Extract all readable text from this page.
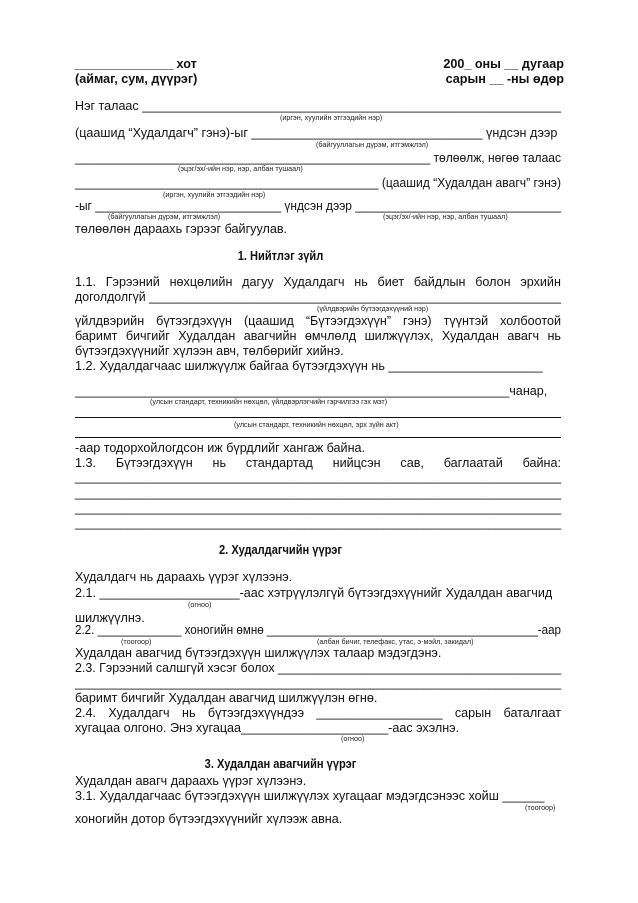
______________ хот
(аймаг, сум, дүүрэг)
200_ оны __ дугаар
сарын __ -ны өдөр
Нэг талаас ____________________________________________________________
(иргэн, хуулийн этгээдийн нэр)
(цаашид “Худалдагч” гэнэ)-ыг _________________________________ үндсэн дээр
(байгууллагын дүрэм, итгэмжлэл)
_____________________________________________________ төлөөлж, нөгөө талаас
(эцэг/эх/-ийн нэр, нэр, албан тушаал)
_____________________________________________ (цаашид “Худалдан авагч” гэнэ)
(иргэн, хуулийн этгээдийн нэр)
-ыг ____________________________ үндсэн дээр _______________________________
(байгууллагын дүрэм, итгэмжлэл)	(эцэг/эх/-ийн нэр, нэр, албан тушаал)
төлөөлөн дараахь гэрээг байгуулав.
1. Нийтлэг зүйл
1.1. Гэрээний нөхцөлийн дагуу Худалдагч нь биет байдлын болон эрхийн
доголдолгүй ____________________________________________________________
(үйлдвэрийн бүтээгдэхүүний нэр)
үйлдвэрийн бүтээгдэхүүн (цаашид “Бүтээгдэхүүн” гэнэ) түүнтэй холбоотой
баримт бичгийг Худалдан авагчийн өмчлөлд шилжүүлэх, Худалдан авагч нь
бүтээгдэхүүнийг хүлээн авч, төлбөрийг хийнэ.
1.2. Худалдагчаас шилжүүлж байгаа бүтээгдэхүүн нь ______________________
______________________________________________________________чанар,
(улсын стандарт, техникийн нөхцөл, үйлдвэрлэгчийн гэрчилгээ гэх мэт)
(улсын стандарт, техникийн нөхцөл, эрх зүйн акт)
-аар тодорхойлогдсон иж бүрдлийг хангаж байна.
1.3. Бүтээгдэхүүн нь стандартад нийцсэн сав, баглаатай байна:
__________________________________________________________________________
__________________________________________________________________________
__________________________________________________________________________
__________________________________________________________________________
2. Худалдагчийн үүрэг
Худалдагч нь дараахь үүрэг хүлээнэ.
2.1. ____________________-аас хэтрүүлэлгүй бүтээгдэхүүнийг Худалдан авагчид
(огноо)
шилжүүлнэ.
2.2. _____________ хоногийн өмнө __________________________________________-аар
(тоогоор)	(албан бичиг, телефакс, утас, э-мэйл, закидал)
Худалдан авагчид бүтээгдэхүүн шилжүүлэх талаар мэдэгдэнэ.
2.3. Гэрээний салшгүй хэсэг болох _________________________________________
__________________________________________________________________________
баримт бичгийг Худалдан авагчид шилжүүлэн өгнө.
2.4. Худалдагч нь бүтээгдэхүүндээ __________________ сарын баталгаат
хугацаа олгоно. Энэ хугацаа_____________________-аас эхэлнэ.
(огноо)
3. Худалдан авагчийн үүрэг
Худалдан авагч дараахь үүрэг хүлээнэ.
3.1. Худалдагчаас бүтээгдэхүүн шилжүүлэх хугацааг мэдэгдсэнээс хойш ______
(тоогоор)
хоногийн дотор бүтээгдэхүүнийг хүлээж авна.
